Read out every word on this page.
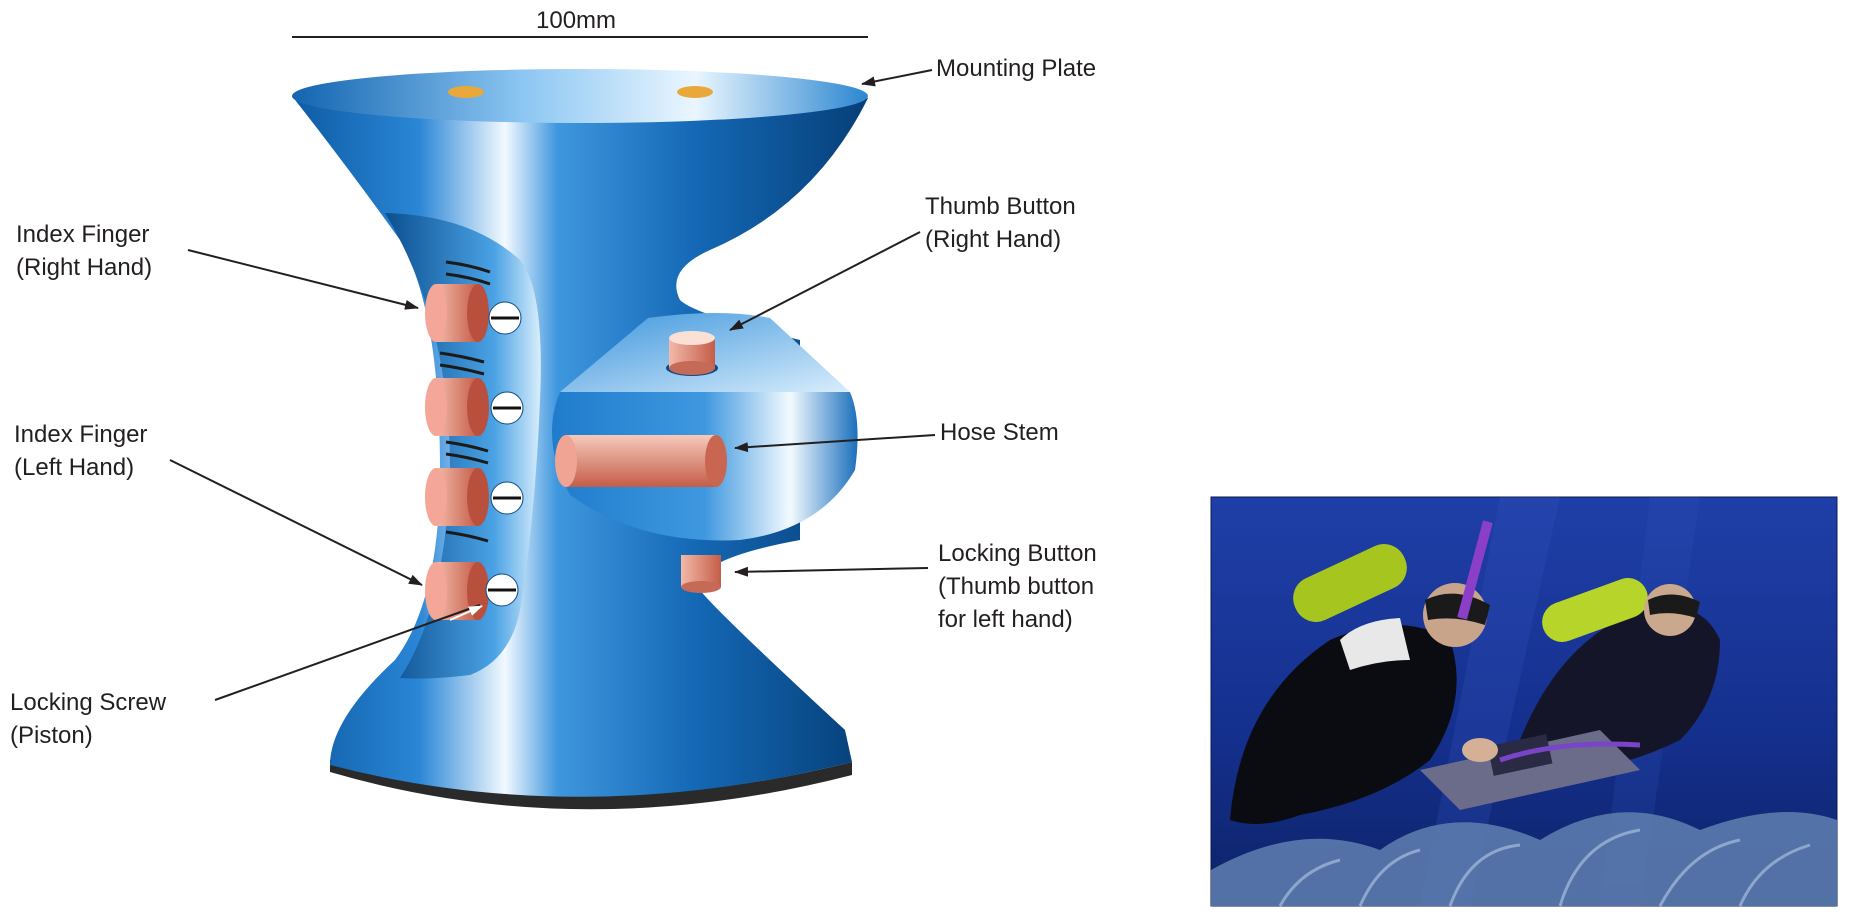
100mm
Mounting Plate
Thumb Button
(Right Hand)
Index Finger
(Right Hand)
Index Finger
(Left Hand)
Hose Stem
Locking Button
(Thumb button
for left hand)
Locking Screw
(Piston)
